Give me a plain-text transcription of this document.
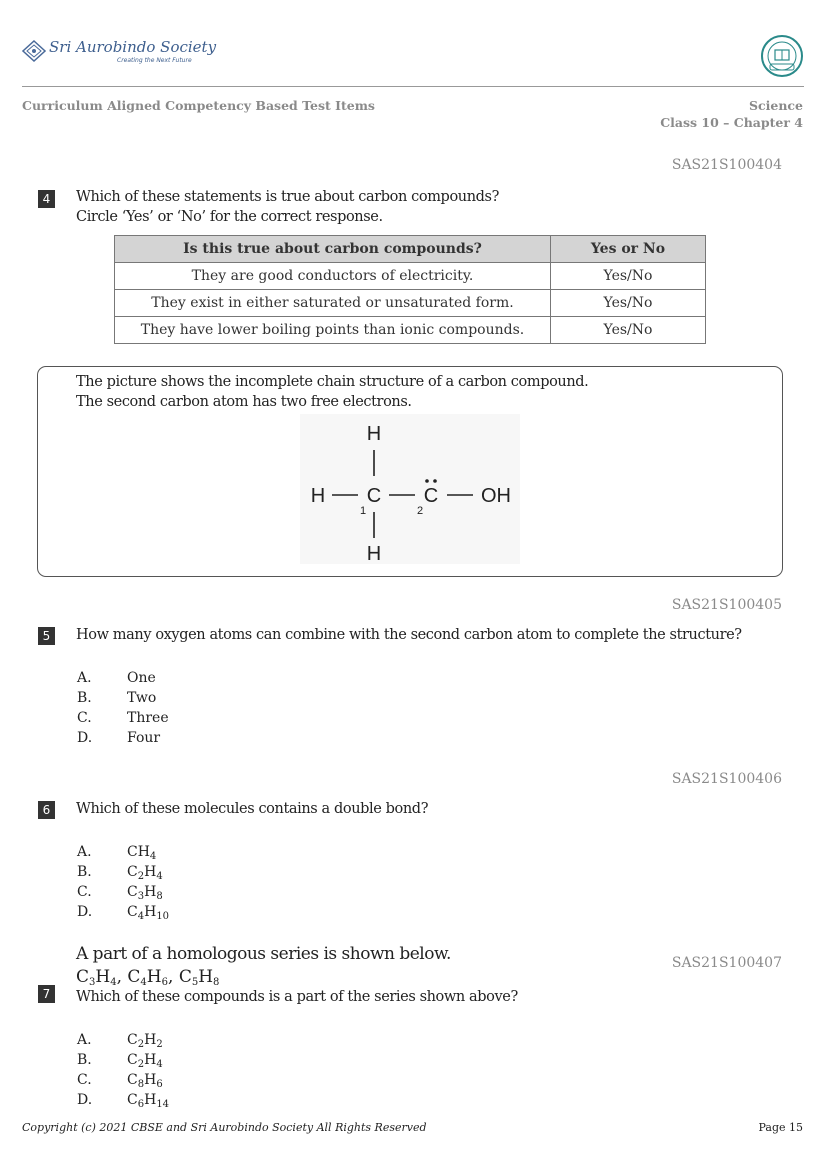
Sri Aurobindo Society
Creating the Next Future
Curriculum Aligned Competency Based Test Items	Science
Class 10 – Chapter 4
SAS21S100404
4	Which of these statements is true about carbon compounds?
Circle ‘Yes’ or ‘No’ for the correct response.
Is this true about carbon compounds?	Yes or No
They are good conductors of electricity.	Yes/No
They exist in either saturated or unsaturated form.	Yes/No
They have lower boiling points than ionic compounds.	Yes/No
The picture shows the incomplete chain structure of a carbon compound.
The second carbon atom has two free electrons.
H
H C
1
C
2
OH
H
SAS21S100405
5	How many oxygen atoms can combine with the second carbon atom to complete the structure?
A.	One
B.	Two
C.	Three
D. Four
SAS21S100406
6	Which of these molecules contains a double bond?
A.	$CH_4$
B.	$C_2H_4$
C.	$C_3H_8$
D. $C_4H_{10}$
SAS21S100407
A part of a homologous series is shown below.
$C_3H_4$, $C_4H_6$, $C_5H_8$
7	Which of these compounds is a part of the series shown above?
A.	$C_2H_2$
B.	$C_2H_4$
C.	$C_8H_6$
D. $C_6H_{14}$
Copyright (c) 2021 CBSE and Sri Aurobindo Society All Rights Reserved	Page 15
